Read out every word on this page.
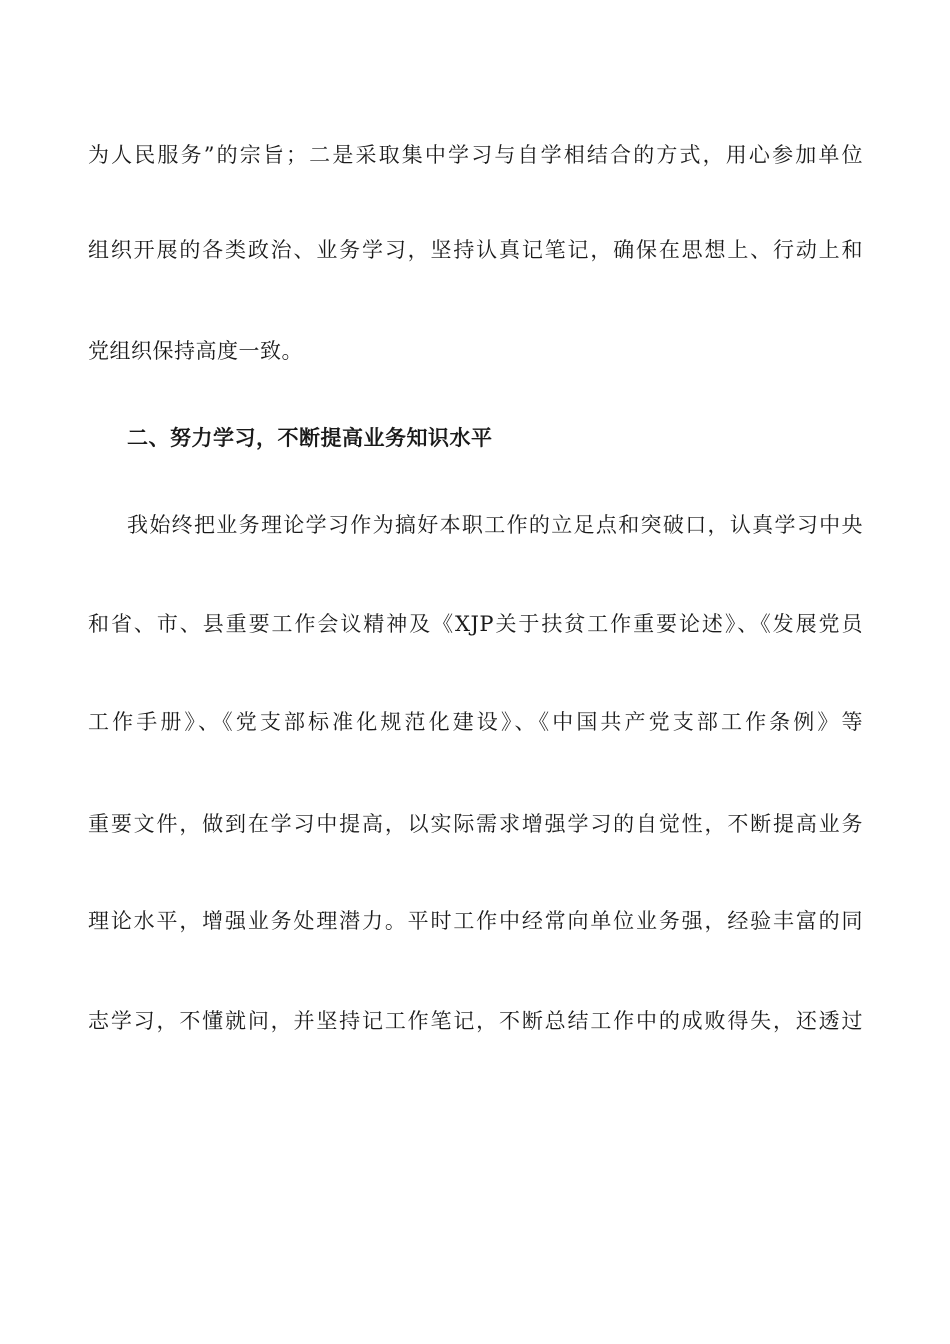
为人民服务”的宗旨；二是采取集中学习与自学相结合的方式，用心参加单位
组织开展的各类政治、业务学习，坚持认真记笔记，确保在思想上、行动上和
党组织保持高度一致。
二、努力学习，不断提高业务知识水平
我始终把业务理论学习作为搞好本职工作的立足点和突破口，认真学习中央
和省、市、县重要工作会议精神及《XJP关于扶贫工作重要论述》、《发展党员
工作手册》、《党支部标准化规范化建设》、《中国共产党支部工作条例》等
重要文件，做到在学习中提高，以实际需求增强学习的自觉性，不断提高业务
理论水平，增强业务处理潜力。平时工作中经常向单位业务强，经验丰富的同
志学习，不懂就问，并坚持记工作笔记，不断总结工作中的成败得失，还透过
